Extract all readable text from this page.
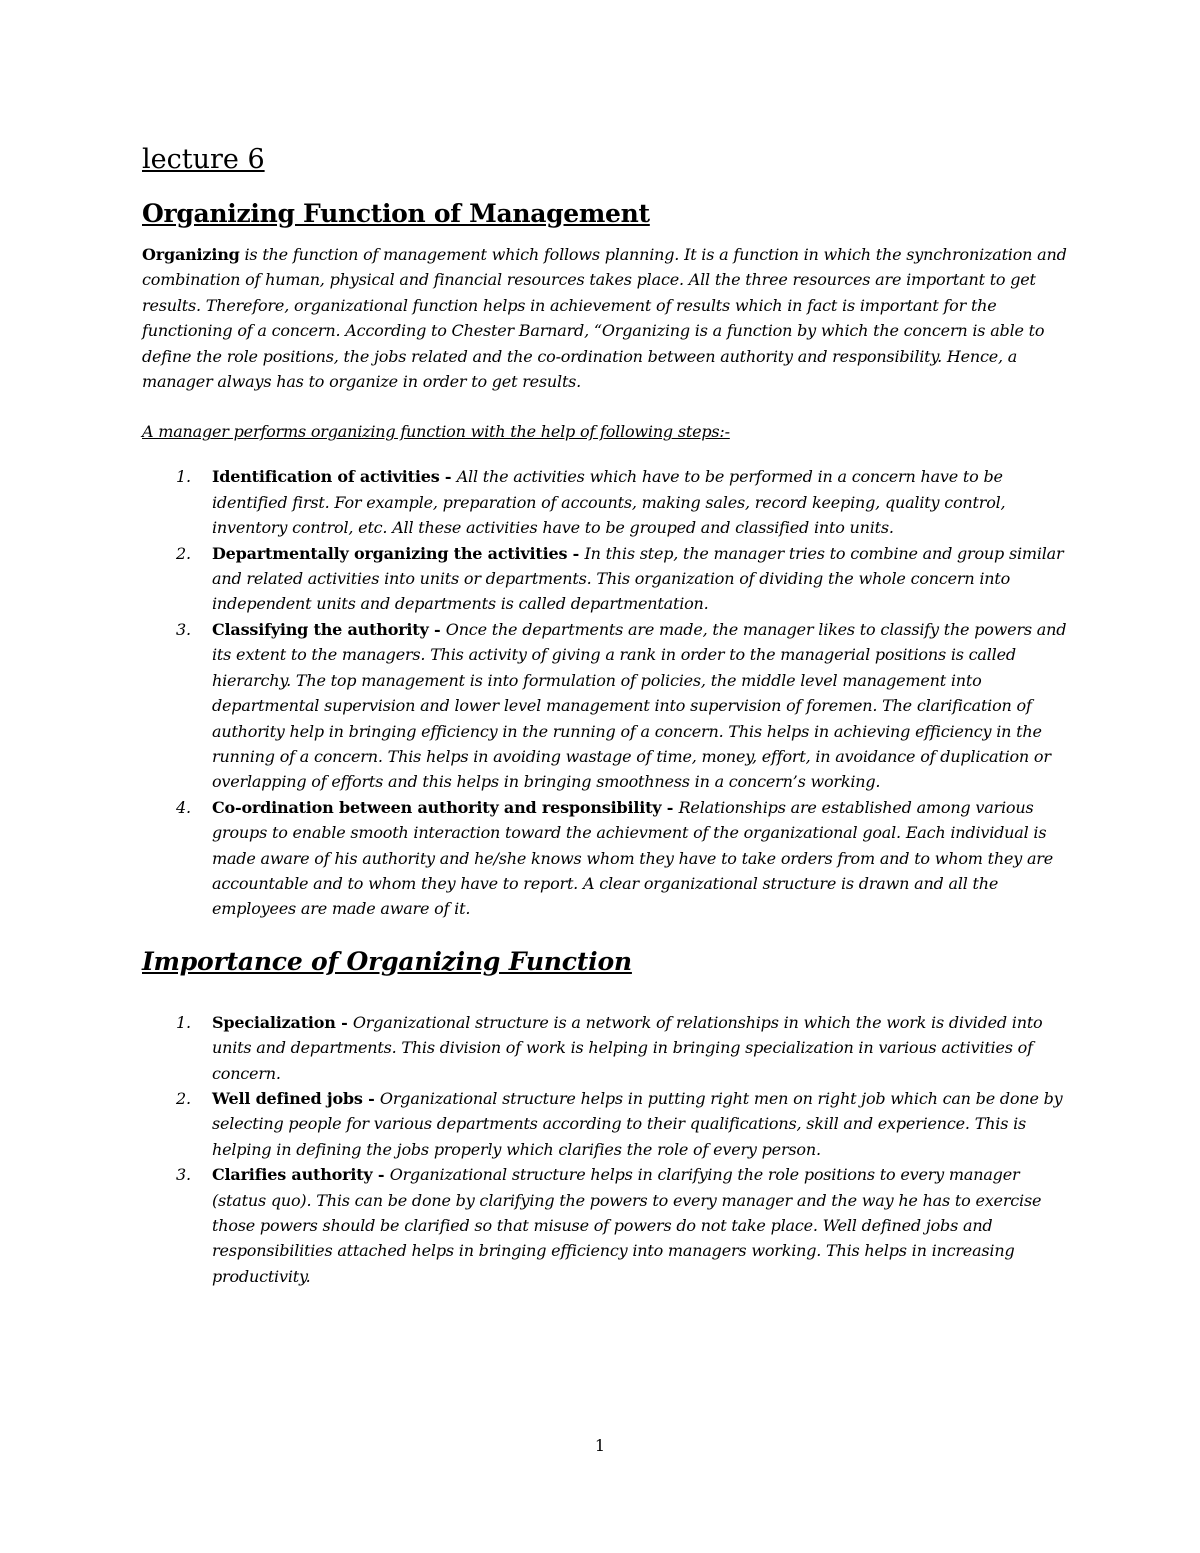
lecture 6
Organizing Function of Management

Organizing is the function of management which follows planning. It is a function in which the synchronization and combination of human, physical and financial resources takes place. All the three resources are important to get results. Therefore, organizational function helps in achievement of results which in fact is important for the functioning of a concern. According to Chester Barnard, “Organizing is a function by which the concern is able to define the role positions, the jobs related and the co-ordination between authority and responsibility. Hence, a manager always has to organize in order to get results.

A manager performs organizing function with the help of following steps:-

1. Identification of activities - All the activities which have to be performed in a concern have to be identified first. For example, preparation of accounts, making sales, record keeping, quality control, inventory control, etc. All these activities have to be grouped and classified into units.
2. Departmentally organizing the activities - In this step, the manager tries to combine and group similar and related activities into units or departments. This organization of dividing the whole concern into independent units and departments is called departmentation.
3. Classifying the authority - Once the departments are made, the manager likes to classify the powers and its extent to the managers. This activity of giving a rank in order to the managerial positions is called hierarchy. The top management is into formulation of policies, the middle level management into departmental supervision and lower level management into supervision of foremen. The clarification of authority help in bringing efficiency in the running of a concern. This helps in achieving efficiency in the running of a concern. This helps in avoiding wastage of time, money, effort, in avoidance of duplication or overlapping of efforts and this helps in bringing smoothness in a concern’s working.
4. Co-ordination between authority and responsibility - Relationships are established among various groups to enable smooth interaction toward the achievment of the organizational goal. Each individual is made aware of his authority and he/she knows whom they have to take orders from and to whom they are accountable and to whom they have to report. A clear organizational structure is drawn and all the employees are made aware of it.
Importance of Organizing Function
1. Specialization - Organizational structure is a network of relationships in which the work is divided into units and departments. This division of work is helping in bringing specialization in various activities of concern.
2. Well defined jobs - Organizational structure helps in putting right men on right job which can be done by selecting people for various departments according to their qualifications, skill and experience. This is helping in defining the jobs properly which clarifies the role of every person.
3. Clarifies authority - Organizational structure helps in clarifying the role positions to every manager (status quo). This can be done by clarifying the powers to every manager and the way he has to exercise those powers should be clarified so that misuse of powers do not take place. Well defined jobs and responsibilities attached helps in bringing efficiency into managers working. This helps in increasing productivity.
1
